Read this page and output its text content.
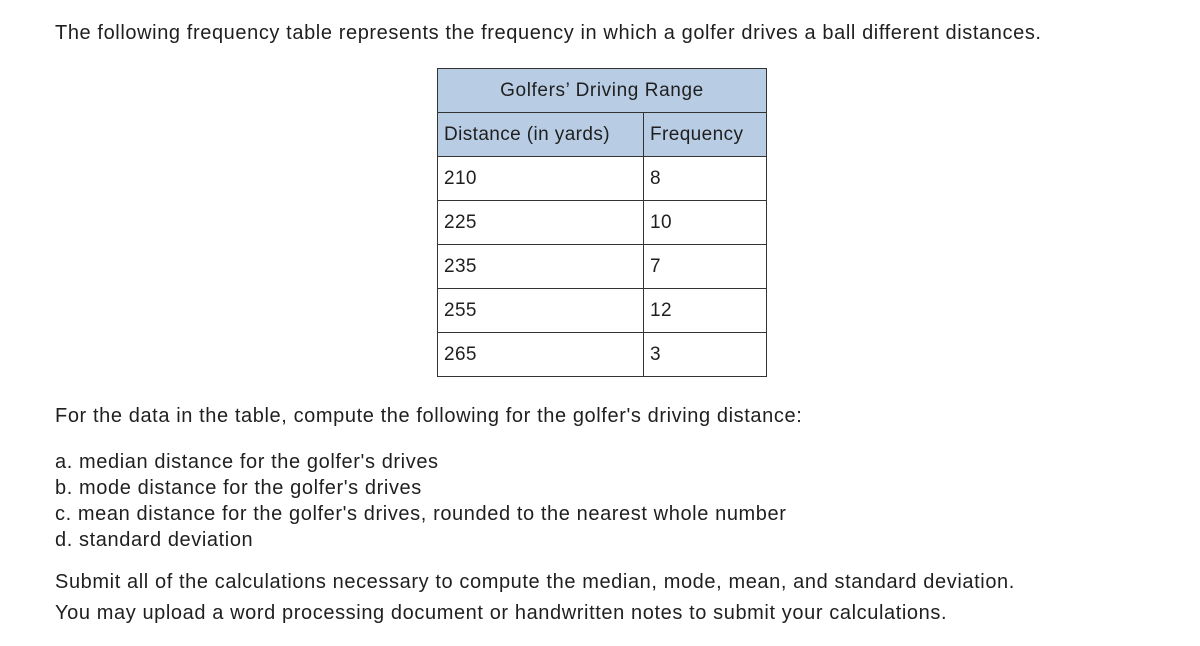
The following frequency table represents the frequency in which a golfer drives a ball different distances.

Golfers’ Driving Range	
Distance (in yards)	Frequency
210	8
225	10
235	7
255	12
265	3

For the data in the table, compute the following for the golfer's driving distance:

a. median distance for the golfer's drives
b. mode distance for the golfer's drives
c. mean distance for the golfer's drives, rounded to the nearest whole number
d. standard deviation

Submit all of the calculations necessary to compute the median, mode, mean, and standard deviation.
You may upload a word processing document or handwritten notes to submit your calculations.
